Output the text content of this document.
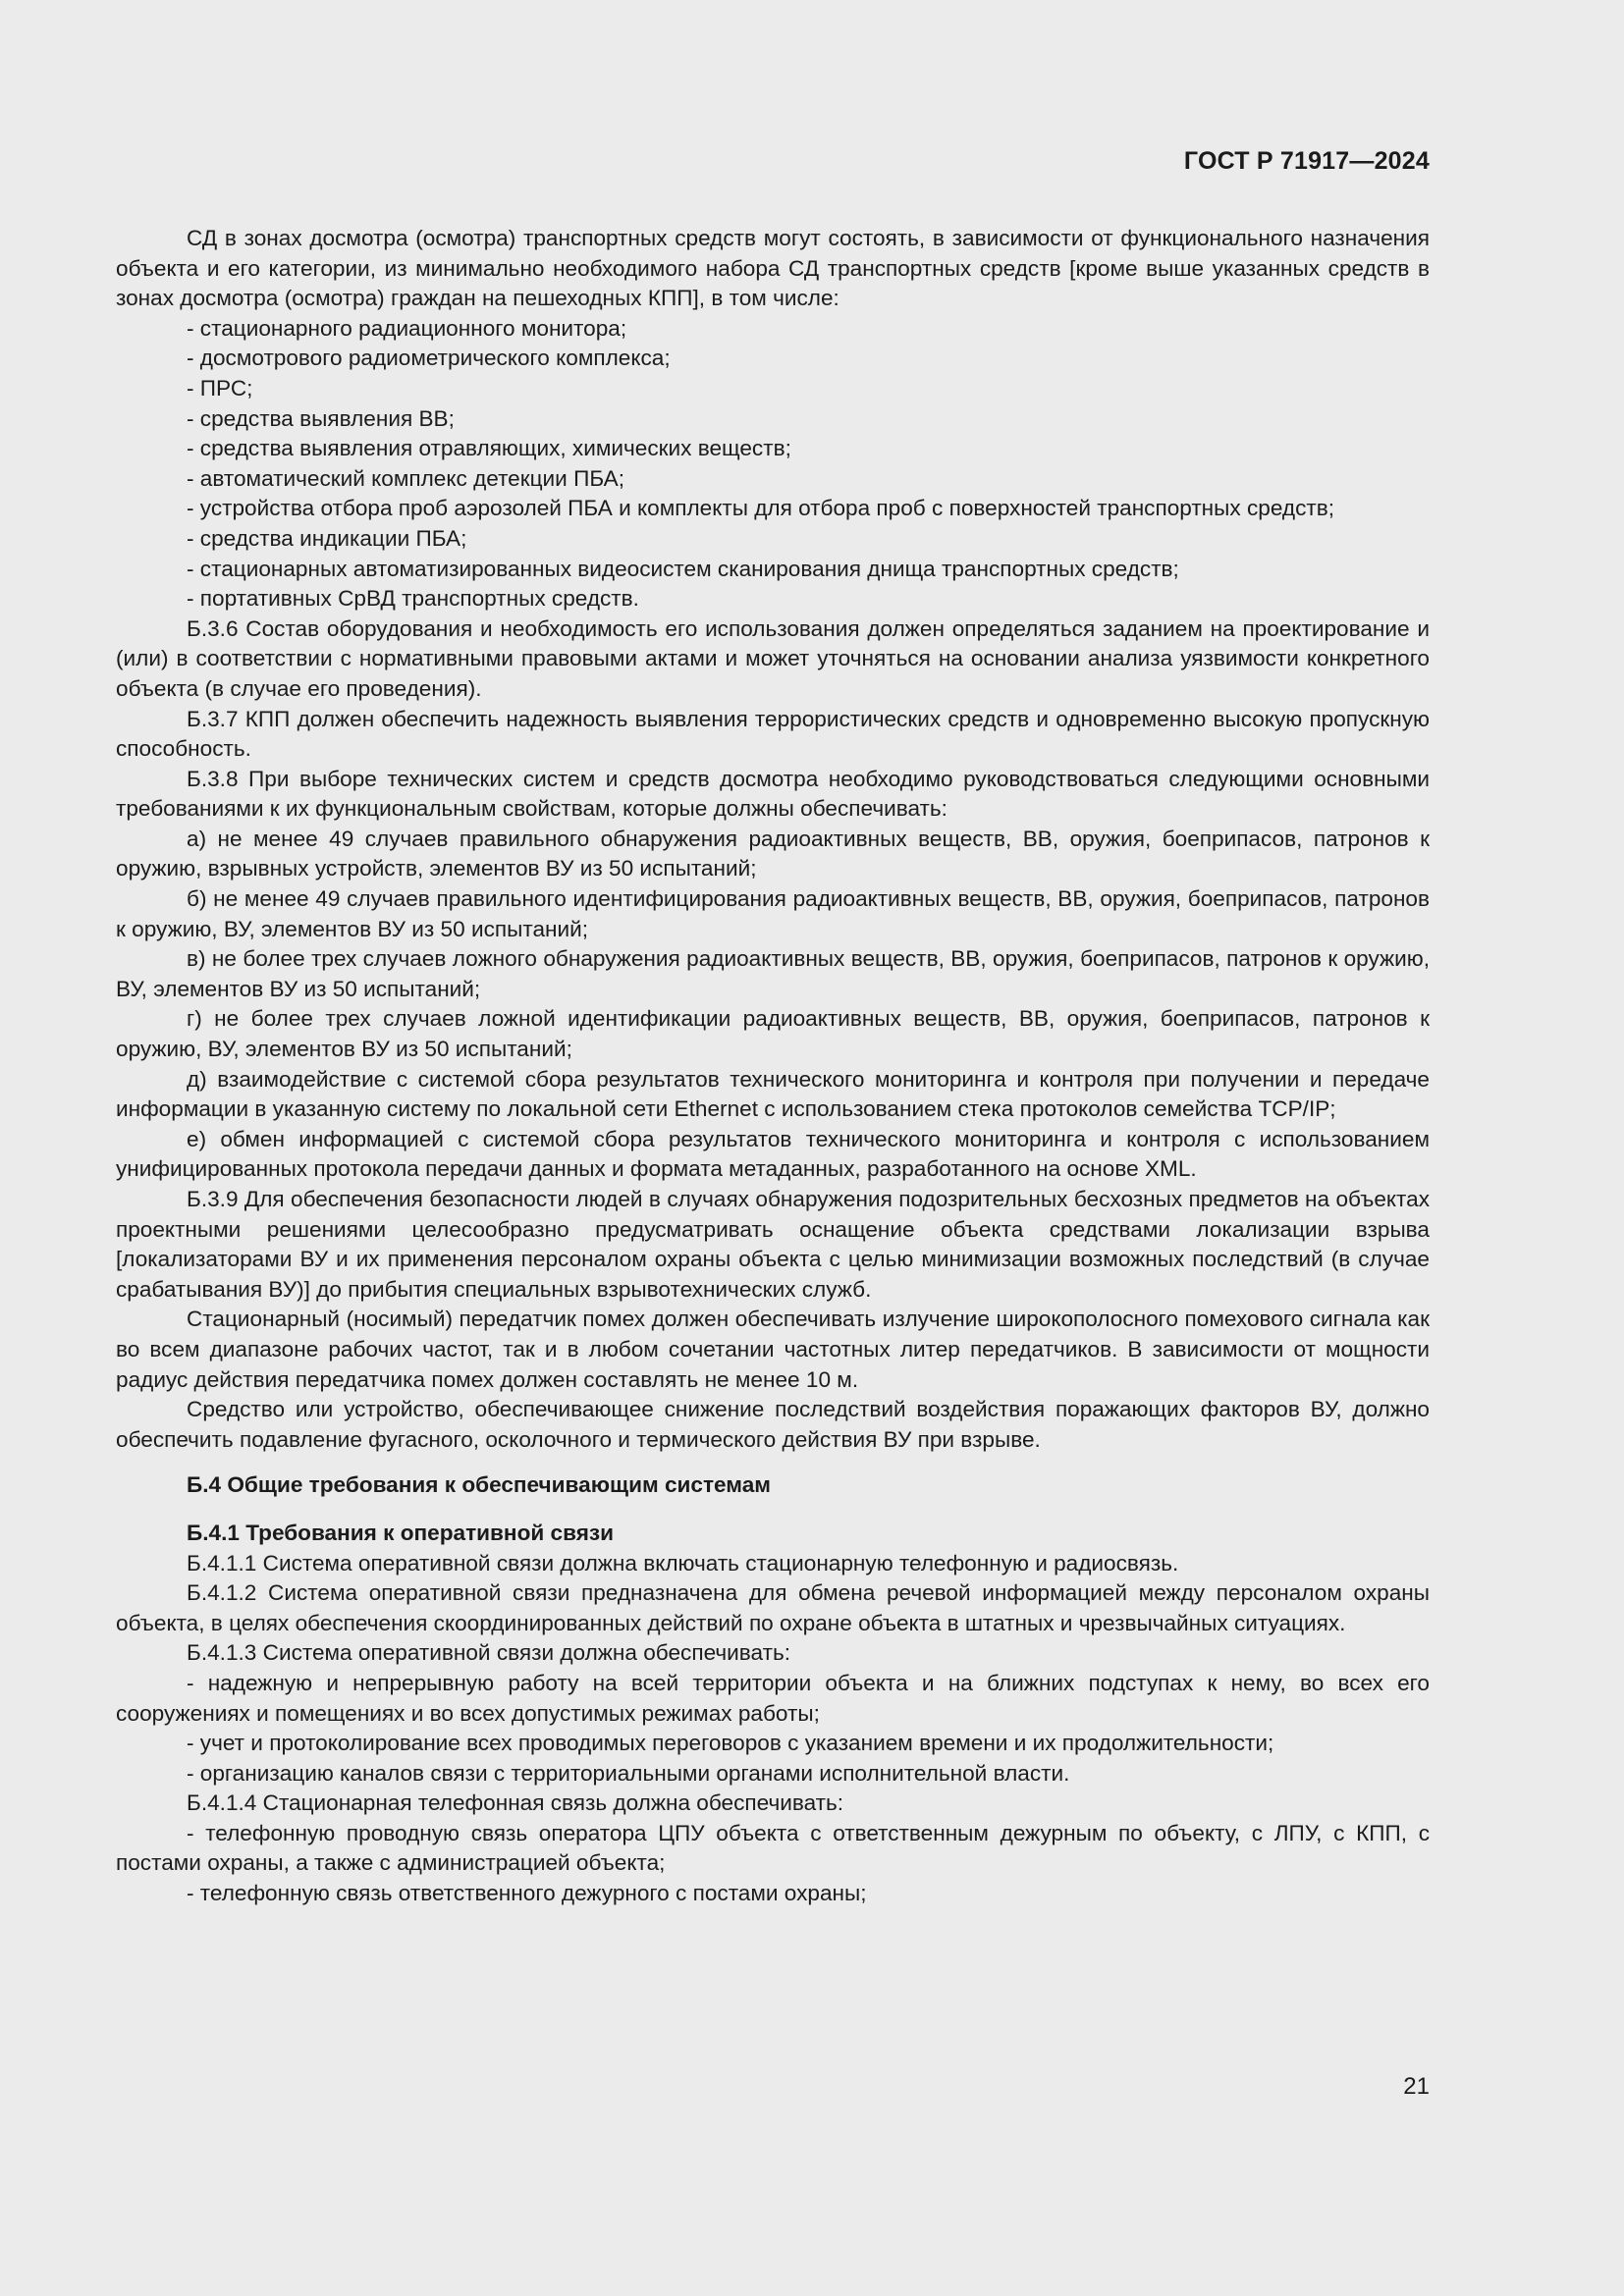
ГОСТ Р 71917—2024

СД в зонах досмотра (осмотра) транспортных средств могут состоять, в зависимости от функционального назначения объекта и его категории, из минимально необходимого набора СД транспортных средств [кроме выше указанных средств в зонах досмотра (осмотра) граждан на пешеходных КПП], в том числе:

- стационарного радиационного монитора;

- досмотрового радиометрического комплекса;

- ПРС;

- средства выявления ВВ;

- средства выявления отравляющих, химических веществ;

- автоматический комплекс детекции ПБА;

- устройства отбора проб аэрозолей ПБА и комплекты для отбора проб с поверхностей транспортных средств;

- средства индикации ПБА;

- стационарных автоматизированных видеосистем сканирования днища транспортных средств;

- портативных СрВД транспортных средств.

Б.3.6 Состав оборудования и необходимость его использования должен определяться заданием на проектирование и (или) в соответствии с нормативными правовыми актами и может уточняться на основании анализа уязвимости конкретного объекта (в случае его проведения).

Б.3.7 КПП должен обеспечить надежность выявления террористических средств и одновременно высокую пропускную способность.

Б.3.8 При выборе технических систем и средств досмотра необходимо руководствоваться следующими основными требованиями к их функциональным свойствам, которые должны обеспечивать:

а) не менее 49 случаев правильного обнаружения радиоактивных веществ, ВВ, оружия, боеприпасов, патронов к оружию, взрывных устройств, элементов ВУ из 50 испытаний;

б) не менее 49 случаев правильного идентифицирования радиоактивных веществ, ВВ, оружия, боеприпасов, патронов к оружию, ВУ, элементов ВУ из 50 испытаний;

в) не более трех случаев ложного обнаружения радиоактивных веществ, ВВ, оружия, боеприпасов, патронов к оружию, ВУ, элементов ВУ из 50 испытаний;

г) не более трех случаев ложной идентификации радиоактивных веществ, ВВ, оружия, боеприпасов, патронов к оружию, ВУ, элементов ВУ из 50 испытаний;

д) взаимодействие с системой сбора результатов технического мониторинга и контроля при получении и передаче информации в указанную систему по локальной сети Ethernet с использованием стека протоколов семейства TCP/IP;

е) обмен информацией с системой сбора результатов технического мониторинга и контроля с использованием унифицированных протокола передачи данных и формата метаданных, разработанного на основе XML.

Б.3.9 Для обеспечения безопасности людей в случаях обнаружения подозрительных бесхозных предметов на объектах проектными решениями целесообразно предусматривать оснащение объекта средствами локализации взрыва [локализаторами ВУ и их применения персоналом охраны объекта с целью минимизации возможных последствий (в случае срабатывания ВУ)] до прибытия специальных взрывотехнических служб.

Стационарный (носимый) передатчик помех должен обеспечивать излучение широкополосного помехового сигнала как во всем диапазоне рабочих частот, так и в любом сочетании частотных литер передатчиков. В зависимости от мощности радиус действия передатчика помех должен составлять не менее 10 м.

Средство или устройство, обеспечивающее снижение последствий воздействия поражающих факторов ВУ, должно обеспечить подавление фугасного, осколочного и термического действия ВУ при взрыве.

Б.4 Общие требования к обеспечивающим системам

Б.4.1 Требования к оперативной связи

Б.4.1.1 Система оперативной связи должна включать стационарную телефонную и радиосвязь.

Б.4.1.2 Система оперативной связи предназначена для обмена речевой информацией между персоналом охраны объекта, в целях обеспечения скоординированных действий по охране объекта в штатных и чрезвычайных ситуациях.

Б.4.1.3 Система оперативной связи должна обеспечивать:

- надежную и непрерывную работу на всей территории объекта и на ближних подступах к нему, во всех его сооружениях и помещениях и во всех допустимых режимах работы;

- учет и протоколирование всех проводимых переговоров с указанием времени и их продолжительности;

- организацию каналов связи с территориальными органами исполнительной власти.

Б.4.1.4 Стационарная телефонная связь должна обеспечивать:

- телефонную проводную связь оператора ЦПУ объекта с ответственным дежурным по объекту, с ЛПУ, с КПП, с постами охраны, а также с администрацией объекта;

- телефонную связь ответственного дежурного с постами охраны;

21
